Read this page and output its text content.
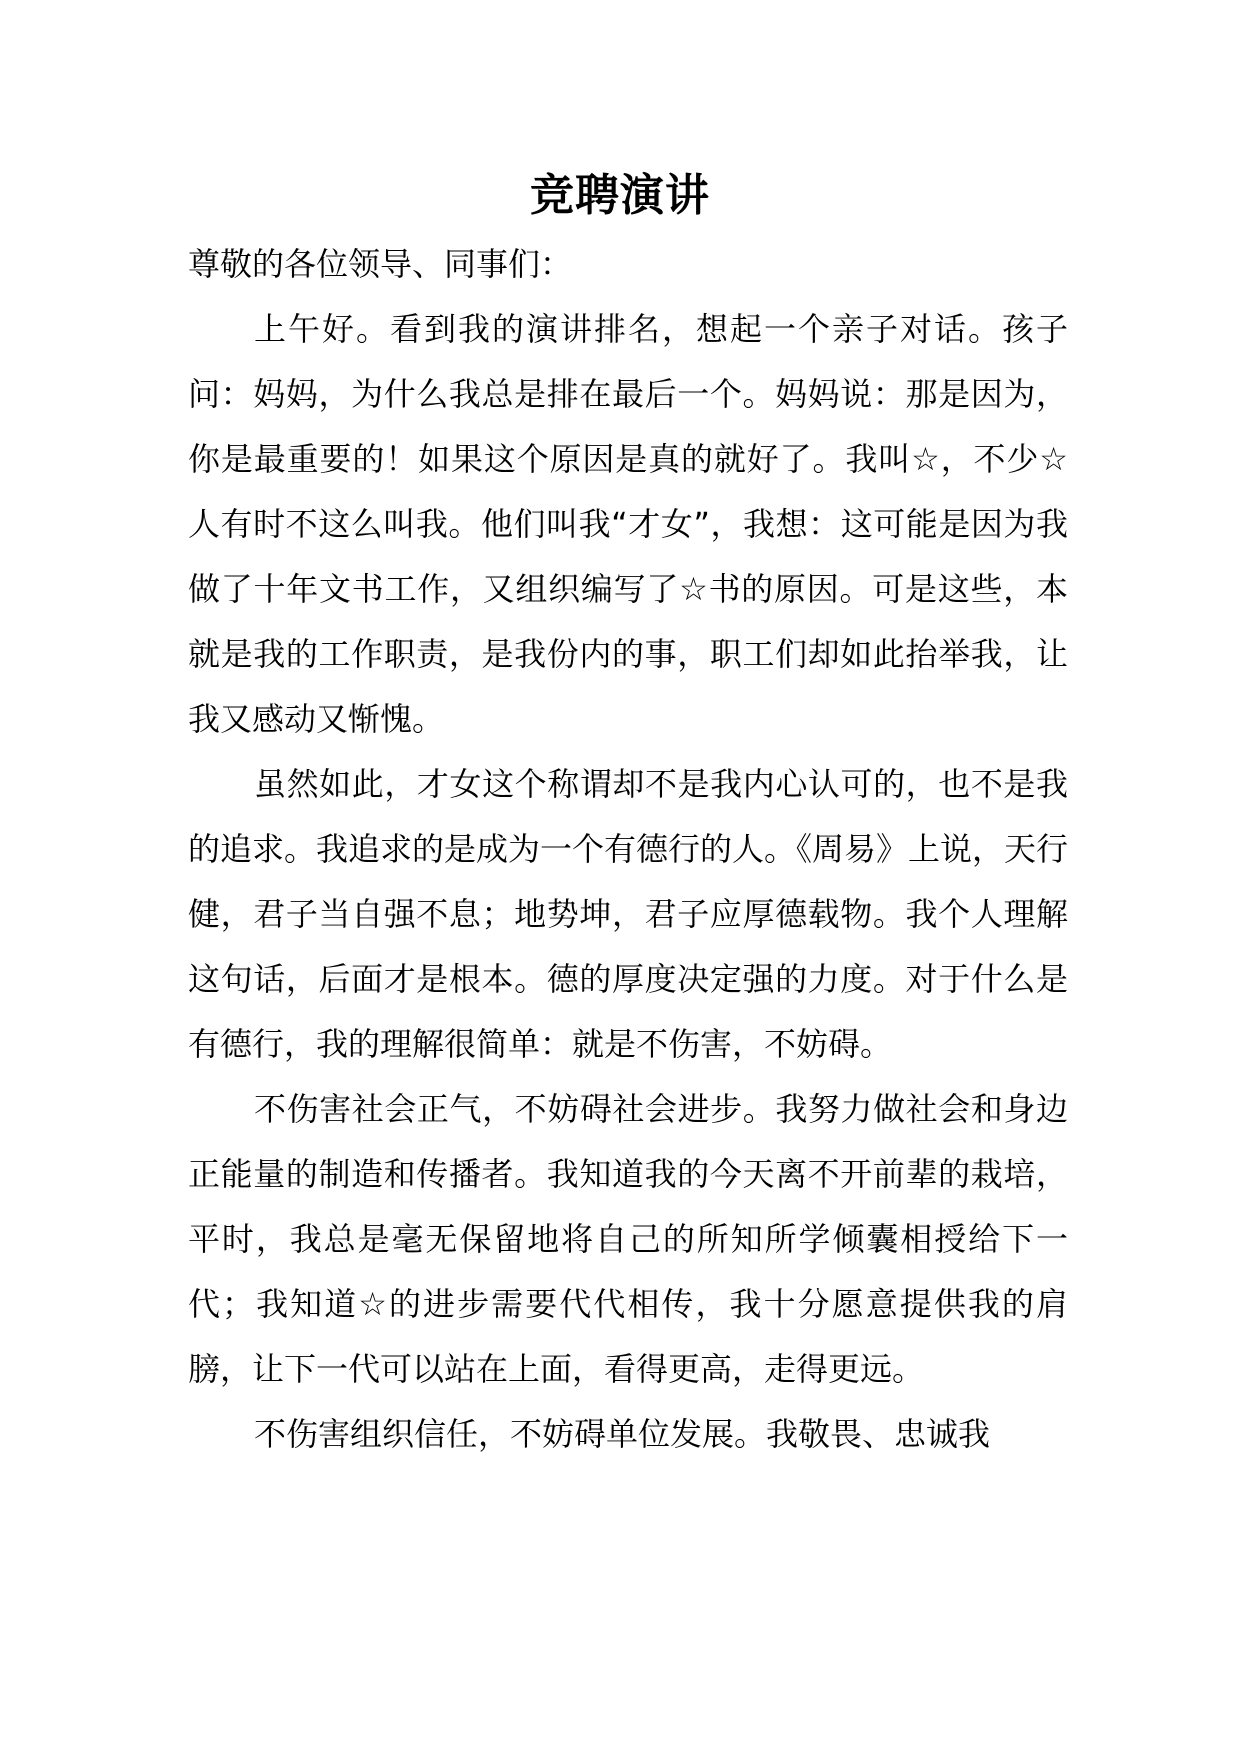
竞聘演讲

尊敬的各位领导、同事们：

上午好。看到我的演讲排名，想起一个亲子对话。孩子问：妈妈，为什么我总是排在最后一个。妈妈说：那是因为，你是最重要的！如果这个原因是真的就好了。我叫☆，不少☆人有时不这么叫我。他们叫我“才女”，我想：这可能是因为我做了十年文书工作，又组织编写了☆书的原因。可是这些，本就是我的工作职责，是我份内的事，职工们却如此抬举我，让我又感动又惭愧。

虽然如此，才女这个称谓却不是我内心认可的，也不是我的追求。我追求的是成为一个有德行的人。《周易》上说，天行健，君子当自强不息；地势坤，君子应厚德载物。我个人理解这句话，后面才是根本。德的厚度决定强的力度。对于什么是有德行，我的理解很简单：就是不伤害，不妨碍。

不伤害社会正气，不妨碍社会进步。我努力做社会和身边正能量的制造和传播者。我知道我的今天离不开前辈的栽培，平时，我总是毫无保留地将自己的所知所学倾囊相授给下一代；我知道☆的进步需要代代相传，我十分愿意提供我的肩膀，让下一代可以站在上面，看得更高，走得更远。

不伤害组织信任，不妨碍单位发展。我敬畏、忠诚我
